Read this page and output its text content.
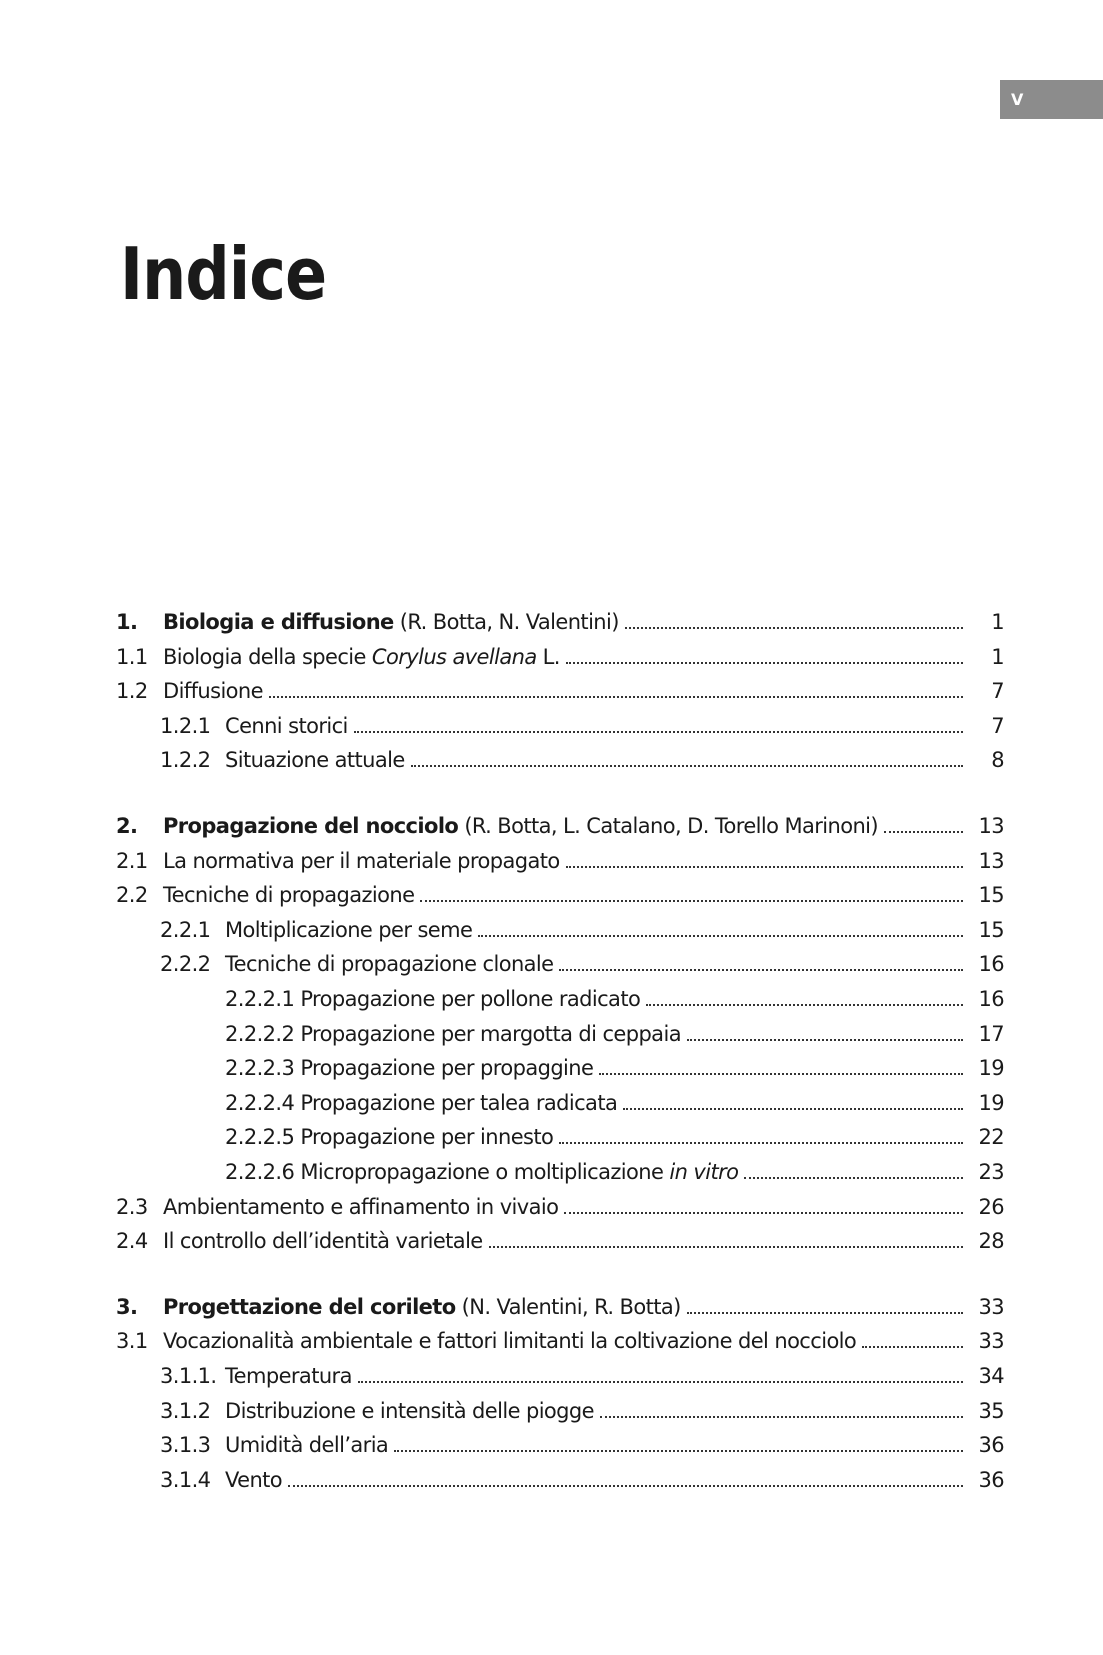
V
Indice
1. Biologia e diffusione (R. Botta, N. Valentini)	1
1.1 Biologia della specie Corylus avellana L.	1
1.2 Diffusione	7
1.2.1 Cenni storici	7
1.2.2 Situazione attuale	8
2. Propagazione del nocciolo (R. Botta, L. Catalano, D. Torello Marinoni)	13
2.1 La normativa per il materiale propagato	13
2.2 Tecniche di propagazione	15
2.2.1 Moltiplicazione per seme	15
2.2.2 Tecniche di propagazione clonale	16
2.2.2.1 Propagazione per pollone radicato	16
2.2.2.2 Propagazione per margotta di ceppaia	17
2.2.2.3 Propagazione per propaggine	19
2.2.2.4 Propagazione per talea radicata	19
2.2.2.5 Propagazione per innesto	22
2.2.2.6 Micropropagazione o moltiplicazione in vitro	23
2.3 Ambientamento e affinamento in vivaio	26
2.4 Il controllo dell’identità varietale	28
3. Progettazione del corileto (N. Valentini, R. Botta)	33
3.1 Vocazionalità ambientale e fattori limitanti la coltivazione del nocciolo	33
3.1.1. Temperatura	34
3.1.2 Distribuzione e intensità delle piogge	35
3.1.3 Umidità dell’aria	36
3.1.4 Vento	36
